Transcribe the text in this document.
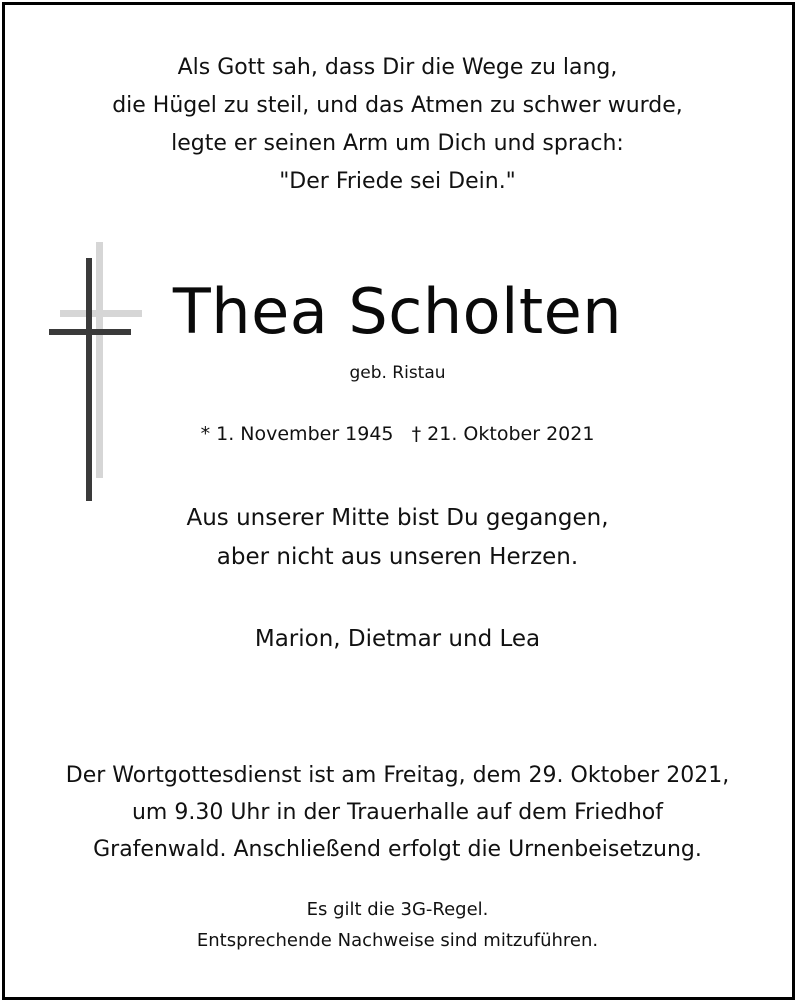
Als Gott sah, dass Dir die Wege zu lang,
die Hügel zu steil, und das Atmen zu schwer wurde,
legte er seinen Arm um Dich und sprach:
"Der Friede sei Dein."
Thea Scholten
geb. Ristau
* 1. November 1945   † 21. Oktober 2021
Aus unserer Mitte bist Du gegangen,
aber nicht aus unseren Herzen.
Marion, Dietmar und Lea
Der Wortgottesdienst ist am Freitag, dem 29. Oktober 2021,
um 9.30 Uhr in der Trauerhalle auf dem Friedhof
Grafenwald. Anschließend erfolgt die Urnenbeisetzung.
Es gilt die 3G-Regel.
Entsprechende Nachweise sind mitzuführen.
